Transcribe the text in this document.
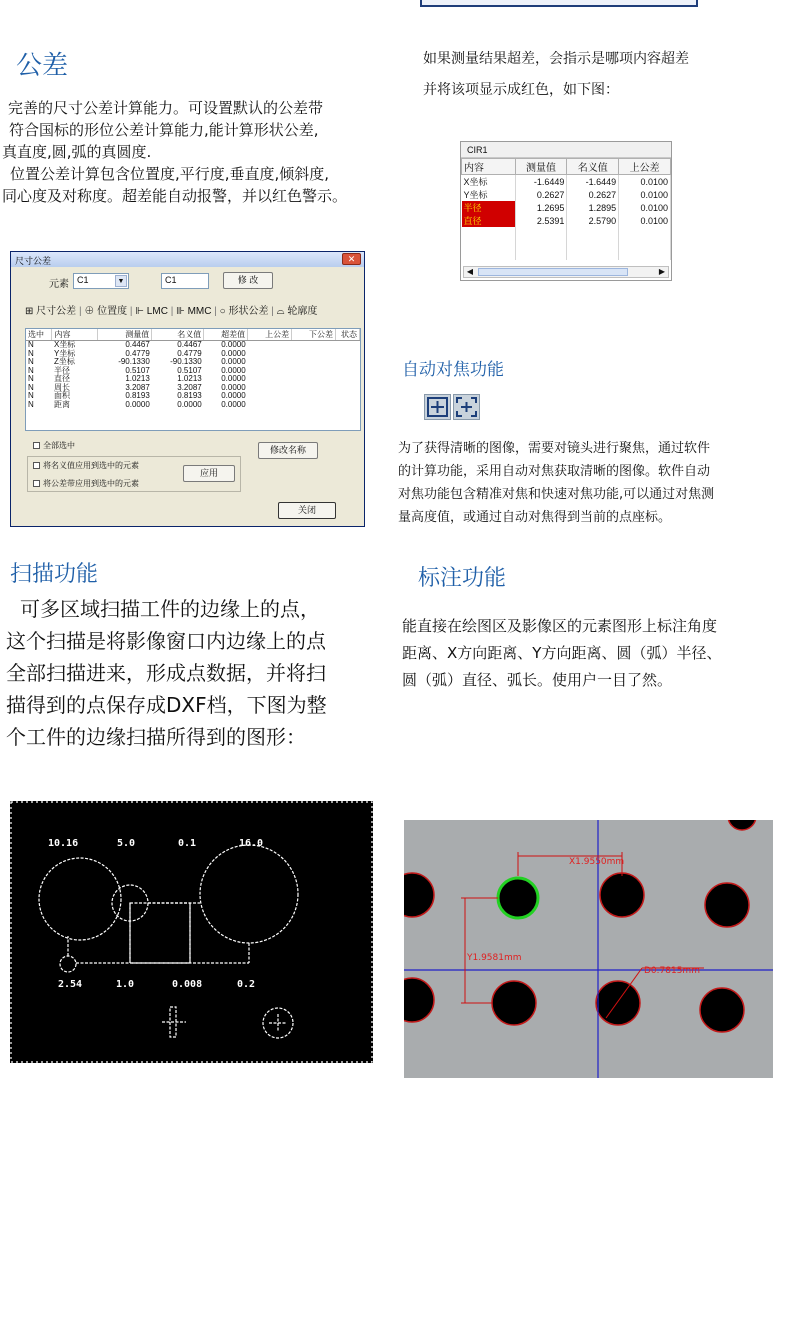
公差
完善的尺寸公差计算能力。可设置默认的公差带
符合国标的形位公差计算能力,能计算形状公差,
真直度,圆,弧的真圆度.
位置公差计算包含位置度,平行度,垂直度,倾斜度,
同心度及对称度。超差能自动报警，并以红色警示。
如果测量结果超差，会指示是哪项内容超差
并将该项显示成红色，如下图：
CIR1
内容	测量值	名义值	上公差
X坐标	-1.6449	-1.6449	0.0100
Y坐标	0.2627	0.2627	0.0100
半径	1.2695	1.2895	0.0100
直径	2.5391	2.5790	0.0100

◀	▶
尺寸公差	✕
元素 C1	▼	C1	修 改
⊞ 尺寸公差 | ⊕ 位置度 | ⊩ LMC | ⊪ MMC | ○ 形状公差 | ⌓ 轮廓度
选中	内容	测量值	名义值	超差值	上公差	下公差	状态
N	X坐标	0.4467	0.4467	0.0000			
N	Y坐标	0.4779	0.4779	0.0000			
N	Z坐标	-90.1330	-90.1330	0.0000			
N	半径	0.5107	0.5107	0.0000			
N	直径	1.0213	1.0213	0.0000			
N	周长	3.2087	3.2087	0.0000			
N	面积	0.8193	0.8193	0.0000			
N	距离	0.0000	0.0000	0.0000			
全部选中	修改名称
将名义值应用到选中的元素
将公差带应用到选中的元素
应用
关闭
自动对焦功能
为了获得清晰的图像，需要对镜头进行聚焦，通过软件
的计算功能，采用自动对焦获取清晰的图像。软件自动
对焦功能包含精准对焦和快速对焦功能,可以通过对焦测
量高度值，或通过自动对焦得到当前的点座标。
扫描功能
可多区域扫描工件的边缘上的点，
这个扫描是将影像窗口内边缘上的点
全部扫描进来，形成点数据，并将扫
描得到的点保存成DXF档，下图为整
个工件的边缘扫描所得到的图形：
10.16	5.0	0.1	16.0
2.54	1.0	0.008	0.2
标注功能
能直接在绘图区及影像区的元素图形上标注角度
距离、X方向距离、Y方向距离、圆（弧）半径、
圆（弧）直径、弧长。使用户一目了然。
X1.9550mm
Y1.9581mm
D0.7815mm
